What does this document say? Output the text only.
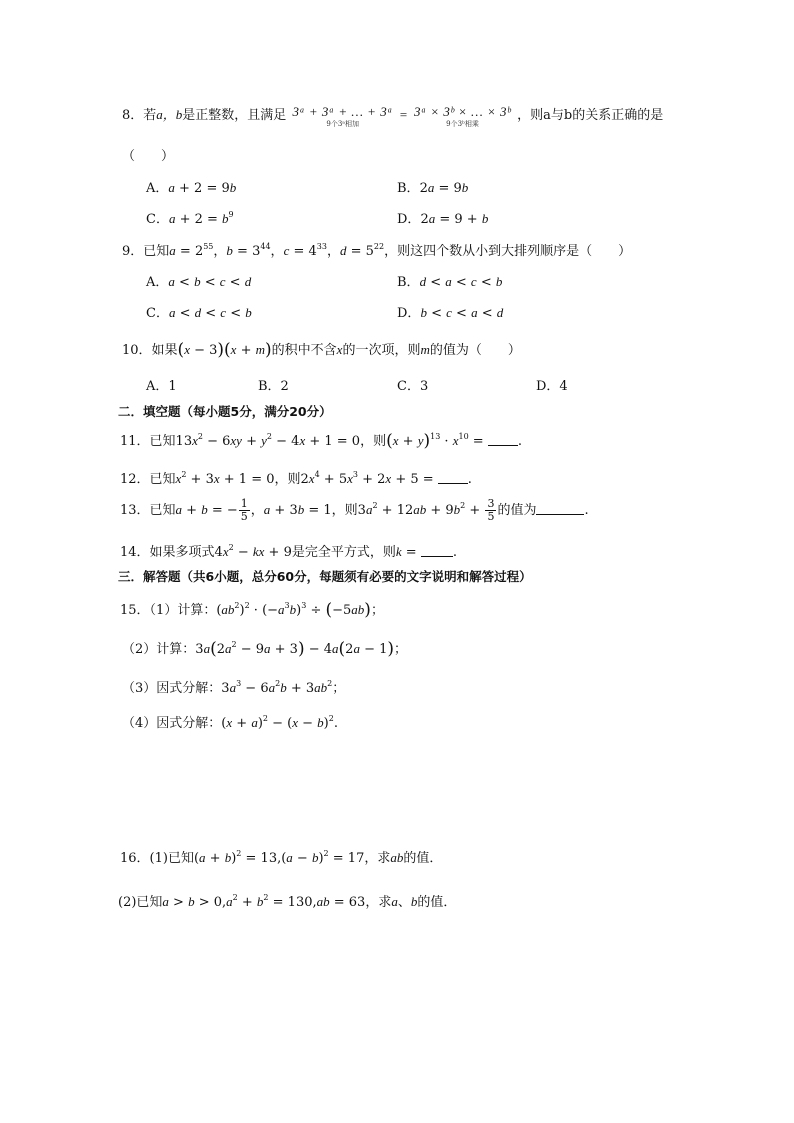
8．若a，b是正整数，且满足 3ᵃ + 3ᵃ + … + 3ᵃ
9个3ᵃ相加
= 3ᵃ × 3ᵇ × … × 3ᵇ
9个3ᵇ相乘
，则a与b的关系正确的是
（　　）
A．a + 2 = 9b	B．2a = 9b
C．$a + 2 = b^9$	D．2a = 9 + b
9．已知$a = 2^{55}$，$b = 3^{44}$，$c = 4^{33}$，$d = 5^{22}$，则这四个数从小到大排列顺序是（　　）
A．a < b < c < d	B．d < a < c < b
C．a < d < c < b	D．b < c < a < d
10．如果(x − 3)(x + m)的积中不含x的一次项，则m的值为（　　）
A．1	B．2	C．3	D．4
二．填空题（每小题5分，满分20分）
11．已知$13x^2 - 6xy + y^2 - 4x + 1 = 0$，则$(x + y)^{13} \cdot x^{10}$ = .
12．已知$x^2 + 3x + 1 = 0$，则$2x^4 + 5x^3 + 2x + 5$ = .
13．已知a + b = − $\frac{1}{5}$ ，a + 3b = 1，则$3a^2 + 12ab + 9b^2 + \frac{3}{5}$ 的值为	.
14．如果多项式$4x^2$ − kx + 9是完全平方式，则k = .
三．解答题（共6小题，总分60分，每题须有必要的文字说明和解答过程）
15．（1）计算：$(ab^2)^2 \cdot (-a^3b)^3 \div (-5ab)$；
（2）计算：$3a(2a^2 - 9a + 3) - 4a(2a - 1)$；
（3）因式分解：$3a^3 - 6a^2b + 3ab^2$；
（4）因式分解：$(x + a)^2 - (x - b)^2$.
16．(1)已知$(a + b)^2 = 13,(a - b)^2 = 17$，求ab的值．
(2)已知$a > b > 0,a^2 + b^2 = 130,ab = 63$，求a、b的值．
